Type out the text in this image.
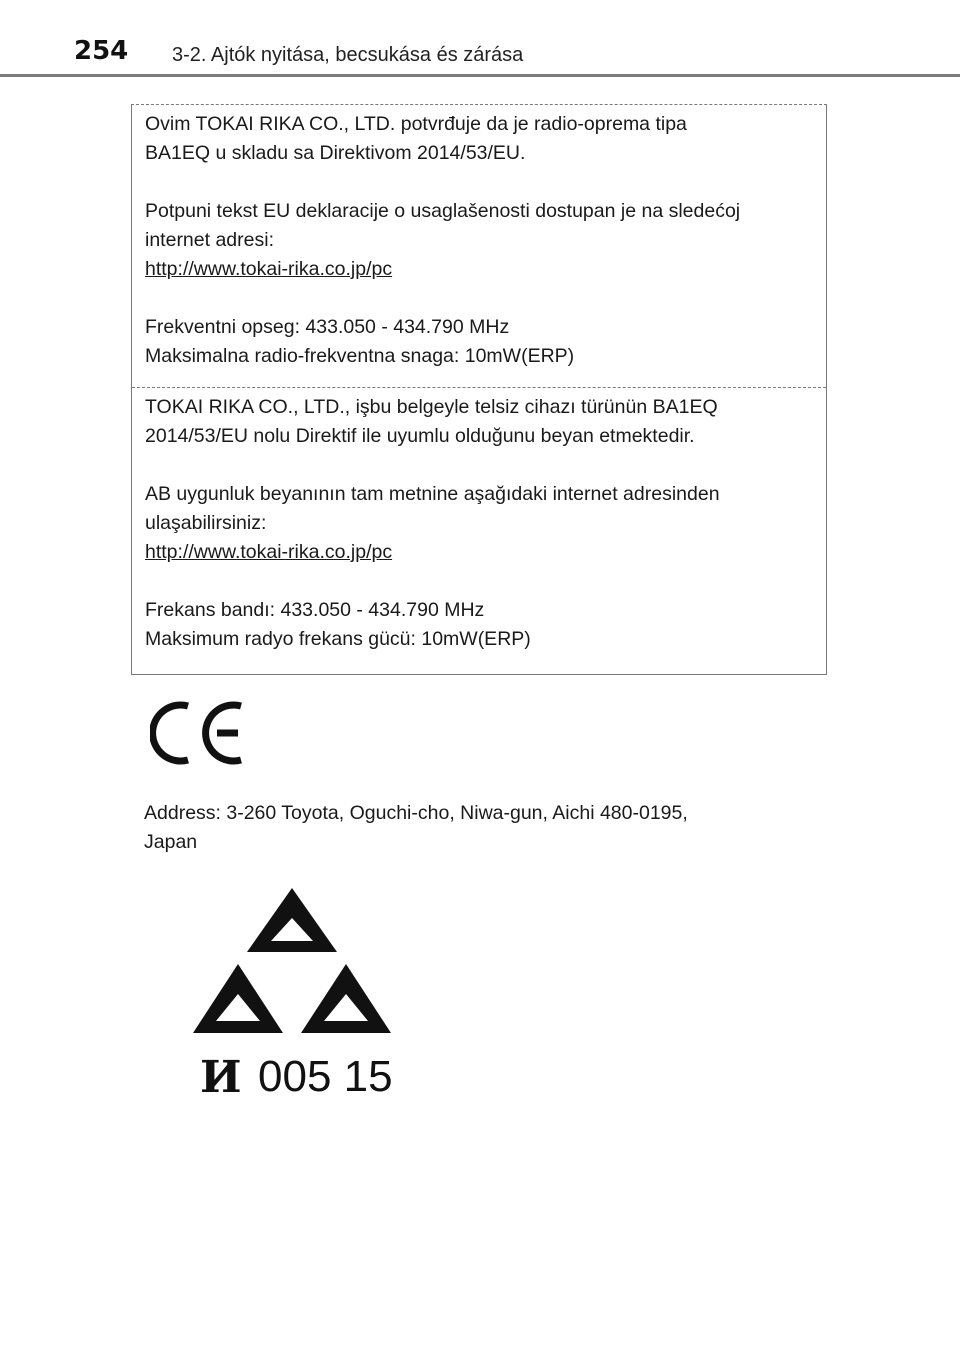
254 3-2. Ajtók nyitása, becsukása és zárása

Ovim TOKAI RIKA CO., LTD. potvrđuje da je radio-oprema tipa

BA1EQ u skladu sa Direktivom 2014/53/EU.

Potpuni tekst EU deklaracije o usaglašenosti dostupan je na sledećoj

internet adresi:

http://www.tokai-rika.co.jp/pc

Frekventni opseg: 433.050 - 434.790 MHz

Maksimalna radio-frekventna snaga: 10mW(ERP)

TOKAI RIKA CO., LTD., işbu belgeyle telsiz cihazı türünün BA1EQ

2014/53/EU nolu Direktif ile uyumlu olduğunu beyan etmektedir.

AB uygunluk beyanının tam metnine aşağıdaki internet adresinden

ulaşabilirsiniz:

http://www.tokai-rika.co.jp/pc

Frekans bandı: 433.050 - 434.790 MHz

Maksimum radyo frekans gücü: 10mW(ERP)

Address: 3-260 Toyota, Oguchi-cho, Niwa-gun, Aichi 480-0195,

Japan

И 005 15
